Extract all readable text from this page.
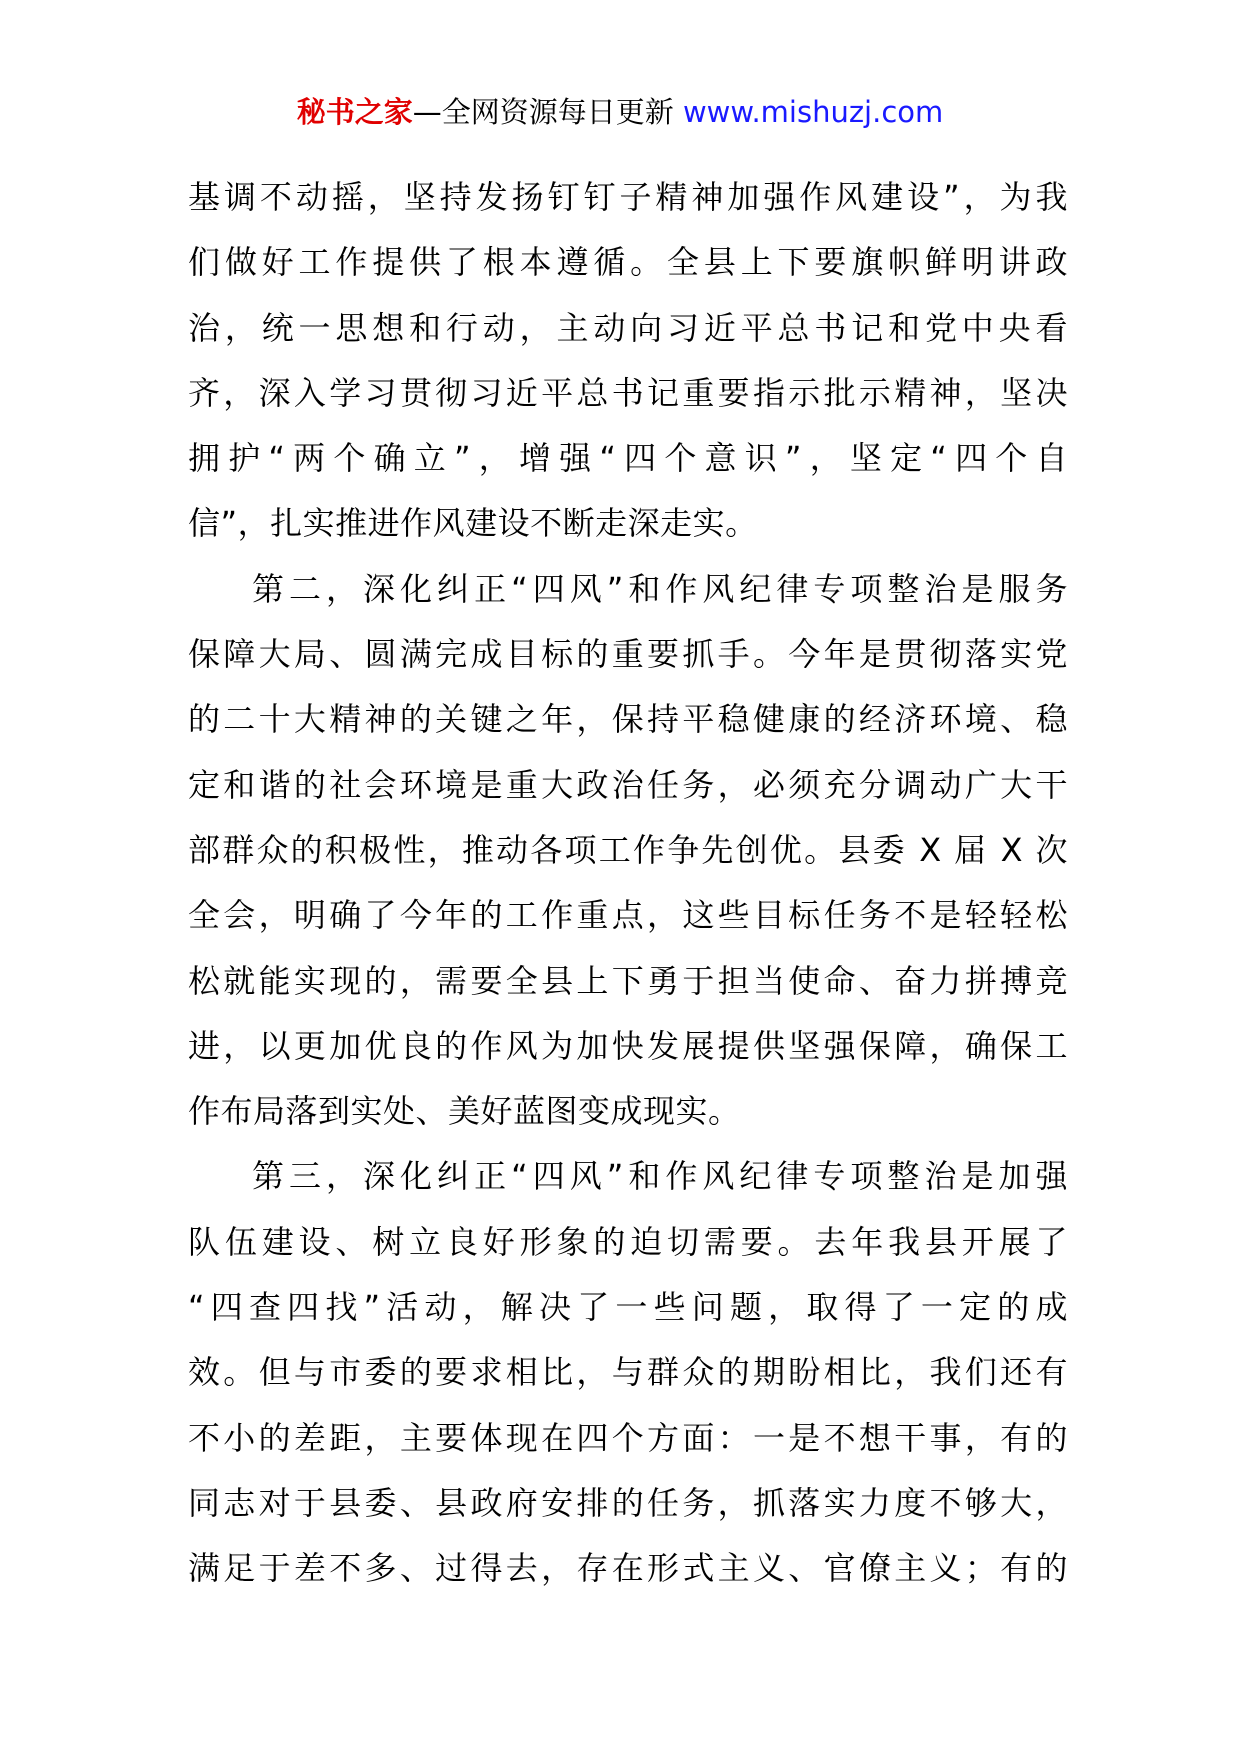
秘书之家—全网资源每日更新 www.mishuzj.com
基调不动摇，坚持发扬钉钉子精神加强作风建设”，为我
们做好工作提供了根本遵循。全县上下要旗帜鲜明讲政
治，统一思想和行动，主动向习近平总书记和党中央看
齐，深入学习贯彻习近平总书记重要指示批示精神，坚决
拥护“两个确立”，增强“四个意识”，坚定“四个自
信”，扎实推进作风建设不断走深走实。
第二，深化纠正“四风”和作风纪律专项整治是服务
保障大局、圆满完成目标的重要抓手。今年是贯彻落实党
的二十大精神的关键之年，保持平稳健康的经济环境、稳
定和谐的社会环境是重大政治任务，必须充分调动广大干
部群众的积极性，推动各项工作争先创优。县委 X 届 X 次
全会，明确了今年的工作重点，这些目标任务不是轻轻松
松就能实现的，需要全县上下勇于担当使命、奋力拼搏竞
进，以更加优良的作风为加快发展提供坚强保障，确保工
作布局落到实处、美好蓝图变成现实。
第三，深化纠正“四风”和作风纪律专项整治是加强
队伍建设、树立良好形象的迫切需要。去年我县开展了
“四查四找”活动，解决了一些问题，取得了一定的成
效。但与市委的要求相比，与群众的期盼相比，我们还有
不小的差距，主要体现在四个方面：一是不想干事，有的
同志对于县委、县政府安排的任务，抓落实力度不够大，
满足于差不多、过得去，存在形式主义、官僚主义；有的
